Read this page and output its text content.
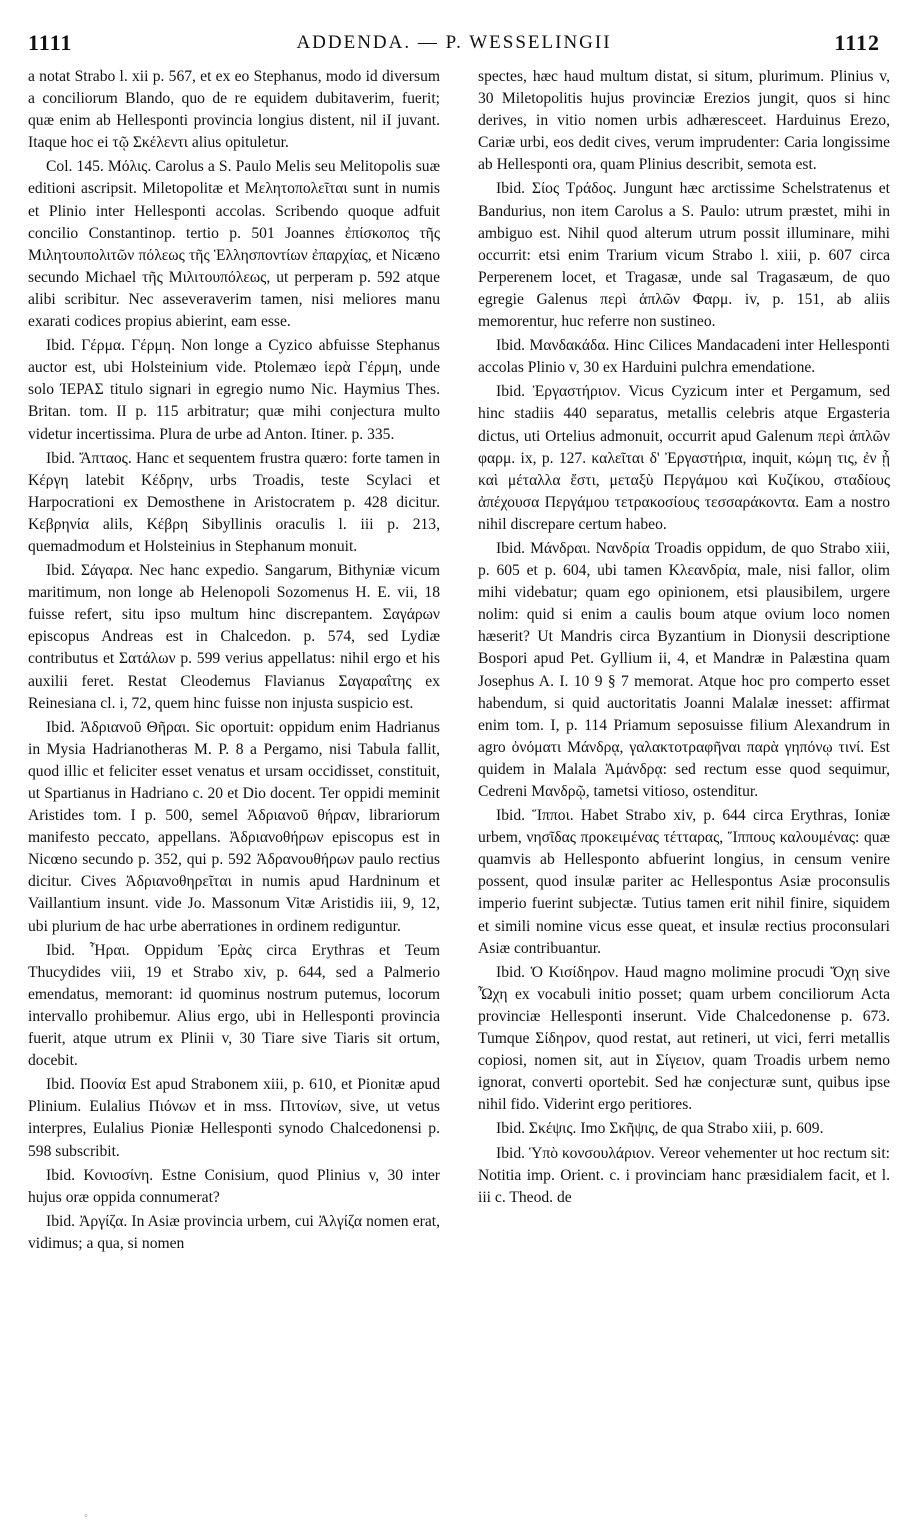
1111	ADDENDA. — P. WESSELINGII	1112

a notat Strabo l. xii p. 567, et ex eo Stephanus, modo id diversum a conciliorum Blando, quo de re equidem dubitaverim, fuerit; quæ enim ab Hellesponti provincia longius distent, nil iI juvant. Itaque hoc ei τῷ Σκέλεντι alius opituletur.

Col. 145. Μόλις. Carolus a S. Paulo Melis seu Melitopolis suæ editioni ascripsit. Miletopolitæ et Μελητοπολεῖται sunt in numis et Plinio inter Hellesponti accolas. Scribendo quoque adfuit concilio Constantinop. tertio p. 501 Joannes ἐπίσκοπος τῆς Μιλητουπολιτῶν πόλεως τῆς Ἑλλησποντίων ἐπαρχίας, et Nicæno secundo Michael τῆς Μιλιτουπόλεως, ut perperam p. 592 atque alibi scribitur. Nec asseveraverim tamen, nisi meliores manu exarati codices propius abierint, eam esse.

Ibid. Γέρμα. Γέρμη. Non longe a Cyzico abfuisse Stephanus auctor est, ubi Holsteinium vide. Ptolemæo ἱερὰ Γέρμη, unde solo ΊΕΡΑΣ titulo signari in egregio numo Nic. Haymius Thes. Britan. tom. II p. 115 arbitratur; quæ mihi conjectura multo videtur incertissima. Plura de urbe ad Anton. Itiner. p. 335.

Ibid. Ἄπταος. Hanc et sequentem frustra quæro: forte tamen in Κέργη latebit Κέδρην, urbs Troadis, teste Scylaci et Harpocrationi ex Demosthene in Aristocratem p. 428 dicitur. Κεβρηνία alils, Κέβρη Sibyllinis oraculis l. iii p. 213, quemadmodum et Holsteinius in Stephanum monuit.

Ibid. Σάγαρα. Nec hanc expedio. Sangarum, Bithyniæ vicum maritimum, non longe ab Helenopoli Sozomenus H. E. vii, 18 fuisse refert, situ ipso multum hinc discrepantem. Σαγάρων episcopus Andreas est in Chalcedon. p. 574, sed Lydiæ contributus et Σατάλων p. 599 verius appellatus: nihil ergo et his auxilii feret. Restat Cleodemus Flavianus Σαγαραΐτης ex Reinesiana cl. i, 72, quem hinc fuisse non injusta suspicio est.

Ibid. Ἀδριανοῦ Θῆραι. Sic oportuit: oppidum enim Hadrianus in Mysia Hadrianotheras M. P. 8 a Pergamo, nisi Tabula fallit, quod illic et feliciter esset venatus et ursam occidisset, constituit, ut Spartianus in Hadriano c. 20 et Dio docent. Ter oppidi meminit Aristides tom. I p. 500, semel Ἀδριανοῦ θήραν, librariorum manifesto peccato, appellans. Ἀδριανοθήρων episcopus est in Nicœno secundo p. 352, qui p. 592 Ἀδρανουθήρων paulo rectius dicitur. Cives Ἀδριανοθηρεῖται in numis apud Hardninum et Vaillantium insunt. vide Jo. Massonum Vitæ Aristidis iii, 9, 12, ubi plurium de hac urbe aberrationes in ordinem rediguntur.

Ibid. Ἧραι. Oppidum Ἐρὰς circa Erythras et Teum Thucydides viii, 19 et Strabo xiv, p. 644, sed a Palmerio emendatus, memorant: id quominus nostrum putemus, locorum intervallo prohibemur. Alius ergo, ubi in Hellesponti provincia fuerit, atque utrum ex Plinii v, 30 Tiare sive Tiaris sit ortum, docebit.

Ibid. Ποονία Est apud Strabonem xiii, p. 610, et Pionitæ apud Plinium. Eulalius Πιόνων et in mss. Πιτονίων, sive, ut vetus interpres, Eulalius Pioniæ Hellesponti synodo Chalcedonensi p. 598 subscribit.

Ibid. Κονιοσίνη. Estne Conisium, quod Plinius v, 30 inter hujus oræ oppida connumerat?

Ibid. Ἀργίζα. In Asiæ provincia urbem, cui Ἀλγίζα nomen erat, vidimus; a qua, si nomen

spectes, hæc haud multum distat, si situm, plurimum. Plinius v, 30 Miletopolitis hujus provinciæ Erezios jungit, quos si hinc derives, in vitio nomen urbis adhæresceet. Harduinus Erezo, Cariæ urbi, eos dedit cives, verum imprudenter: Caria longissime ab Hellesponti ora, quam Plinius describit, semota est.

Ibid. Σίος Τράδος. Jungunt hæc arctissime Schelstratenus et Bandurius, non item Carolus a S. Paulo: utrum præstet, mihi in ambiguo est. Nihil quod alterum utrum possit illuminare, mihi occurrit: etsi enim Trarium vicum Strabo l. xiii, p. 607 circa Perperenem locet, et Tragasæ, unde sal Tragasæum, de quo egregie Galenus περὶ ἁπλῶν Φαρμ. iv, p. 151, ab aliis memorentur, huc referre non sustineo.

Ibid. Μανδακάδα. Hinc Cilices Mandacadeni inter Hellesponti accolas Plinio v, 30 ex Harduini pulchra emendatione.

Ibid. Ἐργαστήριον. Vicus Cyzicum inter et Pergamum, sed hinc stadiis 440 separatus, metallis celebris atque Ergasteria dictus, uti Ortelius admonuit, occurrit apud Galenum περὶ ἁπλῶν φαρμ. ix, p. 127. καλεῖται δ' Ἐργαστήρια, inquit, κώμη τις, ἐν ᾗ καὶ μέταλλα ἔστι, μεταξὺ Περγάμου καὶ Κυζίκου, σταδίους ἀπέχουσα Περγάμου τετρακοσίους τεσσαράκοντα. Eam a nostro nihil discrepare certum habeo.

Ibid. Μάνδραι. Νανδρία Troadis oppidum, de quo Strabo xiii, p. 605 et p. 604, ubi tamen Κλεανδρία, male, nisi fallor, olim mihi videbatur; quam ego opinionem, etsi plausibilem, urgere nolim: quid si enim a caulis boum atque ovium loco nomen hæserit? Ut Mandris circa Byzantium in Dionysii descriptione Bospori apud Pet. Gyllium ii, 4, et Mandræ in Palæstina quam Josephus A. I. 10 9 § 7 memorat. Atque hoc pro comperto esset habendum, si quid auctoritatis Joanni Malalæ inesset: affirmat enim tom. I, p. 114 Priamum seposuisse filium Alexandrum in agro ὀνόματι Μάνδρᾳ, γαλακτοτραφῆναι παρὰ γηπόνῳ τινί. Est quidem in Malala Ἀμάνδρᾳ: sed rectum esse quod sequimur, Cedreni Μανδρῷ, tametsi vitioso, ostenditur.

Ibid. Ἵπποι. Habet Strabo xiv, p. 644 circa Erythras, Ioniæ urbem, νησῖδας προκειμένας τέτταρας, Ἵππους καλουμένας: quæ quamvis ab Hellesponto abfuerint longius, in censum venire possent, quod insulæ pariter ac Hellespontus Asiæ proconsulis imperio fuerint subjectæ. Tutius tamen erit nihil finire, siquidem et simili nomine vicus esse queat, et insulæ rectius proconsulari Asiæ contribuantur.

Ibid. Ὁ Κισίδηρον. Haud magno molimine procudi Ὄχη sive Ὦχη ex vocabuli initio posset; quam urbem conciliorum Acta provinciæ Hellesponti inserunt. Vide Chalcedonense p. 673. Tumque Σίδηρον, quod restat, aut retineri, ut vici, ferri metallis copiosi, nomen sit, aut in Σίγειον, quam Troadis urbem nemo ignorat, converti oportebit. Sed hæ conjecturæ sunt, quibus ipse nihil fido. Viderint ergo peritiores.

Ibid. Σκέψις. Imo Σκῆψις, de qua Strabo xiii, p. 609.

Ibid. Ὑπὸ κονσουλάριον. Vereor vehementer ut hoc rectum sit: Notitia imp. Orient. c. i provinciam hanc præsidialem facit, et l. iii c. Theod. de

◦
